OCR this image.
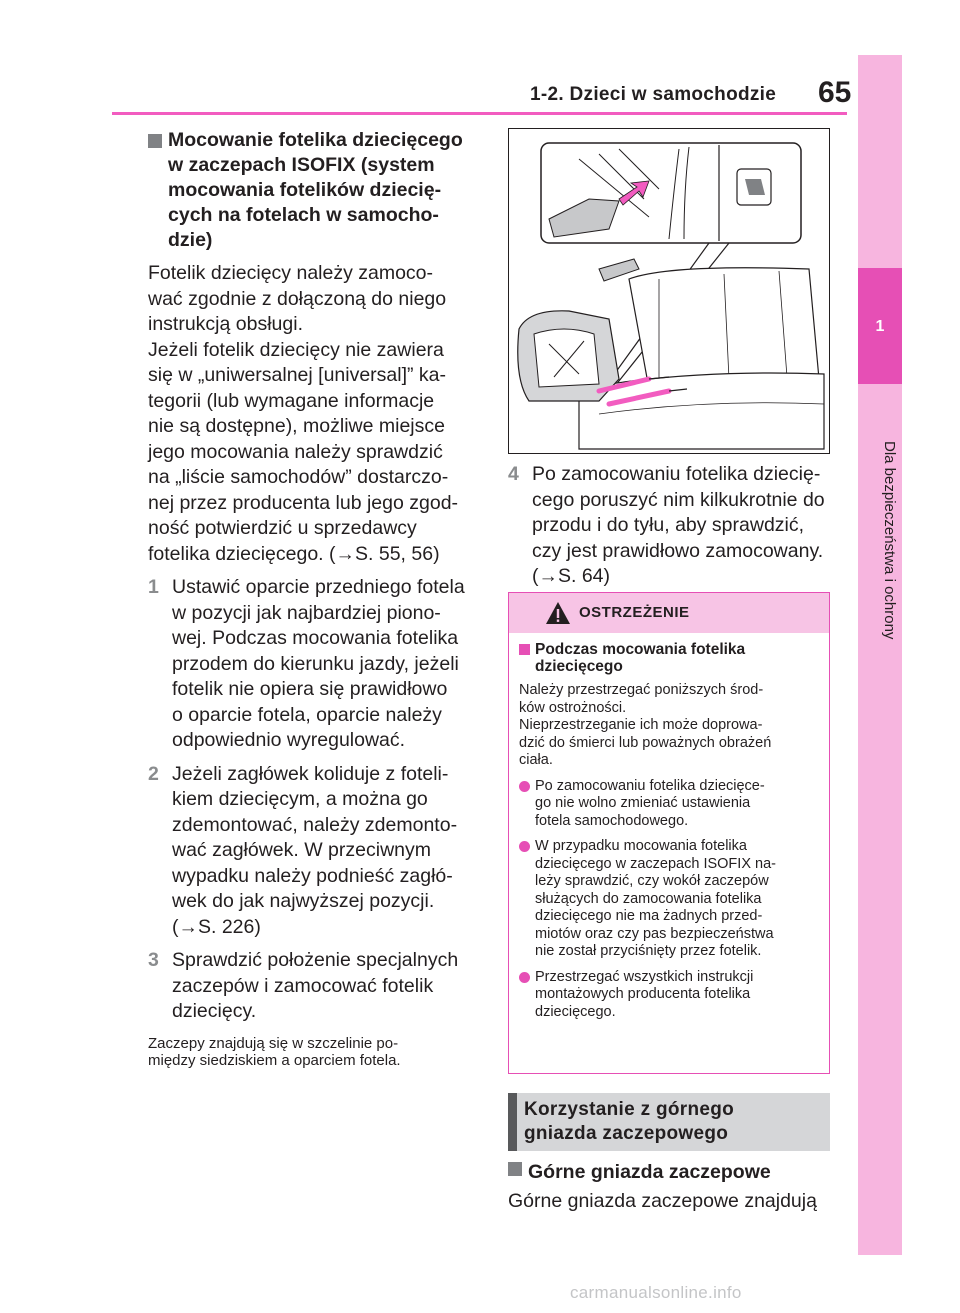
1-2. Dzieci w samochodzie 65
1
Dla bezpieczeństwa i ochrony
Mocowanie fotelika dziecięcego
w zaczepach ISOFIX (system
mocowania fotelików dziecię-
cych na fotelach w samocho-
dzie)
Fotelik dziecięcy należy zamoco-
wać zgodnie z dołączoną do niego
instrukcją obsługi.
Jeżeli fotelik dziecięcy nie zawiera
się w „uniwersalnej [universal]” ka-
tegorii (lub wymagane informacje
nie są dostępne), możliwe miejsce
jego mocowania należy sprawdzić
na „liście samochodów” dostarczo-
nej przez producenta lub jego zgod-
ność potwierdzić u sprzedawcy
fotelika dziecięcego. (→S. 55, 56)
1 Ustawić oparcie przedniego fotela
w pozycji jak najbardziej piono-
wej. Podczas mocowania fotelika
przodem do kierunku jazdy, jeżeli
fotelik nie opiera się prawidłowo
o oparcie fotela, oparcie należy
odpowiednio wyregulować.
2 Jeżeli zagłówek koliduje z foteli-
kiem dziecięcym, a można go
zdemontować, należy zdemonto-
wać zagłówek. W przeciwnym
wypadku należy podnieść zagłó-
wek do jak najwyższej pozycji.
(→S. 226)
3 Sprawdzić położenie specjalnych
zaczepów i zamocować fotelik
dziecięcy.
Zaczepy znajdują się w szczelinie po-
między siedziskiem a oparciem fotela.
4 Po zamocowaniu fotelika dziecię-
cego poruszyć nim kilkukrotnie do
przodu i do tyłu, aby sprawdzić,
czy jest prawidłowo zamocowany.
(→S. 64)
OSTRZEŻENIE
Podczas mocowania fotelika
dziecięcego
Należy przestrzegać poniższych środ-
ków ostrożności.
Nieprzestrzeganie ich może doprowa-
dzić do śmierci lub poważnych obrażeń
ciała.
Po zamocowaniu fotelika dziecięce-
go nie wolno zmieniać ustawienia
fotela samochodowego.
W przypadku mocowania fotelika
dziecięcego w zaczepach ISOFIX na-
leży sprawdzić, czy wokół zaczepów
służących do zamocowania fotelika
dziecięcego nie ma żadnych przed-
miotów oraz czy pas bezpieczeństwa
nie został przyciśnięty przez fotelik.
Przestrzegać wszystkich instrukcji
montażowych producenta fotelika
dziecięcego.
Korzystanie z górnego
gniazda zaczepowego
Górne gniazda zaczepowe
Górne gniazda zaczepowe znajdują
carmanualsonline.info
